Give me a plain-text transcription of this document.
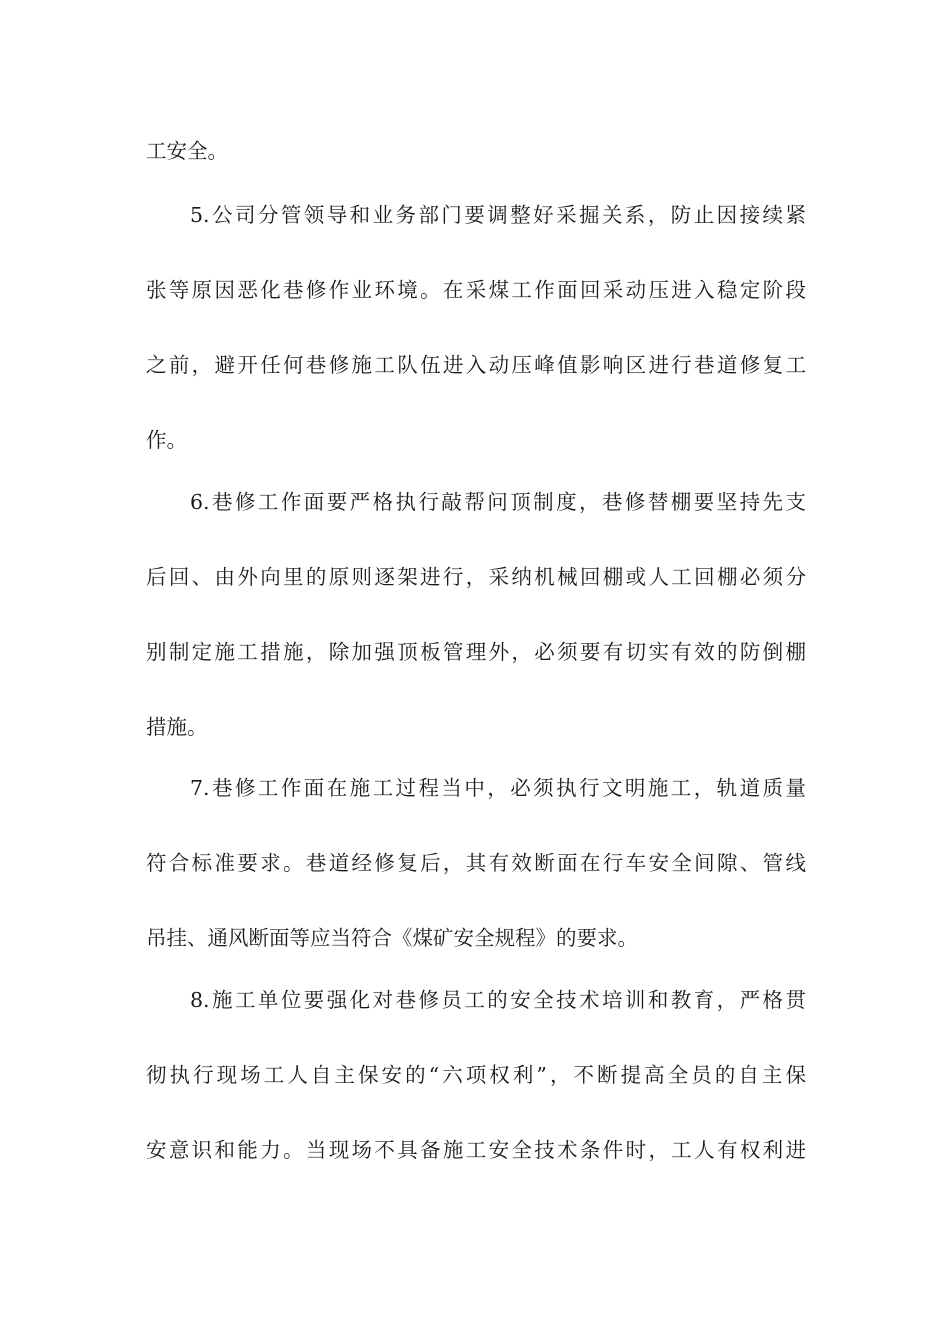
工安全。
5.公司分管领导和业务部门要调整好采掘关系，防止因接续紧
张等原因恶化巷修作业环境。在采煤工作面回采动压进入稳定阶段
之前，避开任何巷修施工队伍进入动压峰值影响区进行巷道修复工
作。
6.巷修工作面要严格执行敲帮问顶制度，巷修替棚要坚持先支
后回、由外向里的原则逐架进行，采纳机械回棚或人工回棚必须分
别制定施工措施，除加强顶板管理外，必须要有切实有效的防倒棚
措施。
7.巷修工作面在施工过程当中，必须执行文明施工，轨道质量
符合标准要求。巷道经修复后，其有效断面在行车安全间隙、管线
吊挂、通风断面等应当符合《煤矿安全规程》的要求。
8.施工单位要强化对巷修员工的安全技术培训和教育，严格贯
彻执行现场工人自主保安的“六项权利”，不断提高全员的自主保
安意识和能力。当现场不具备施工安全技术条件时，工人有权利进
